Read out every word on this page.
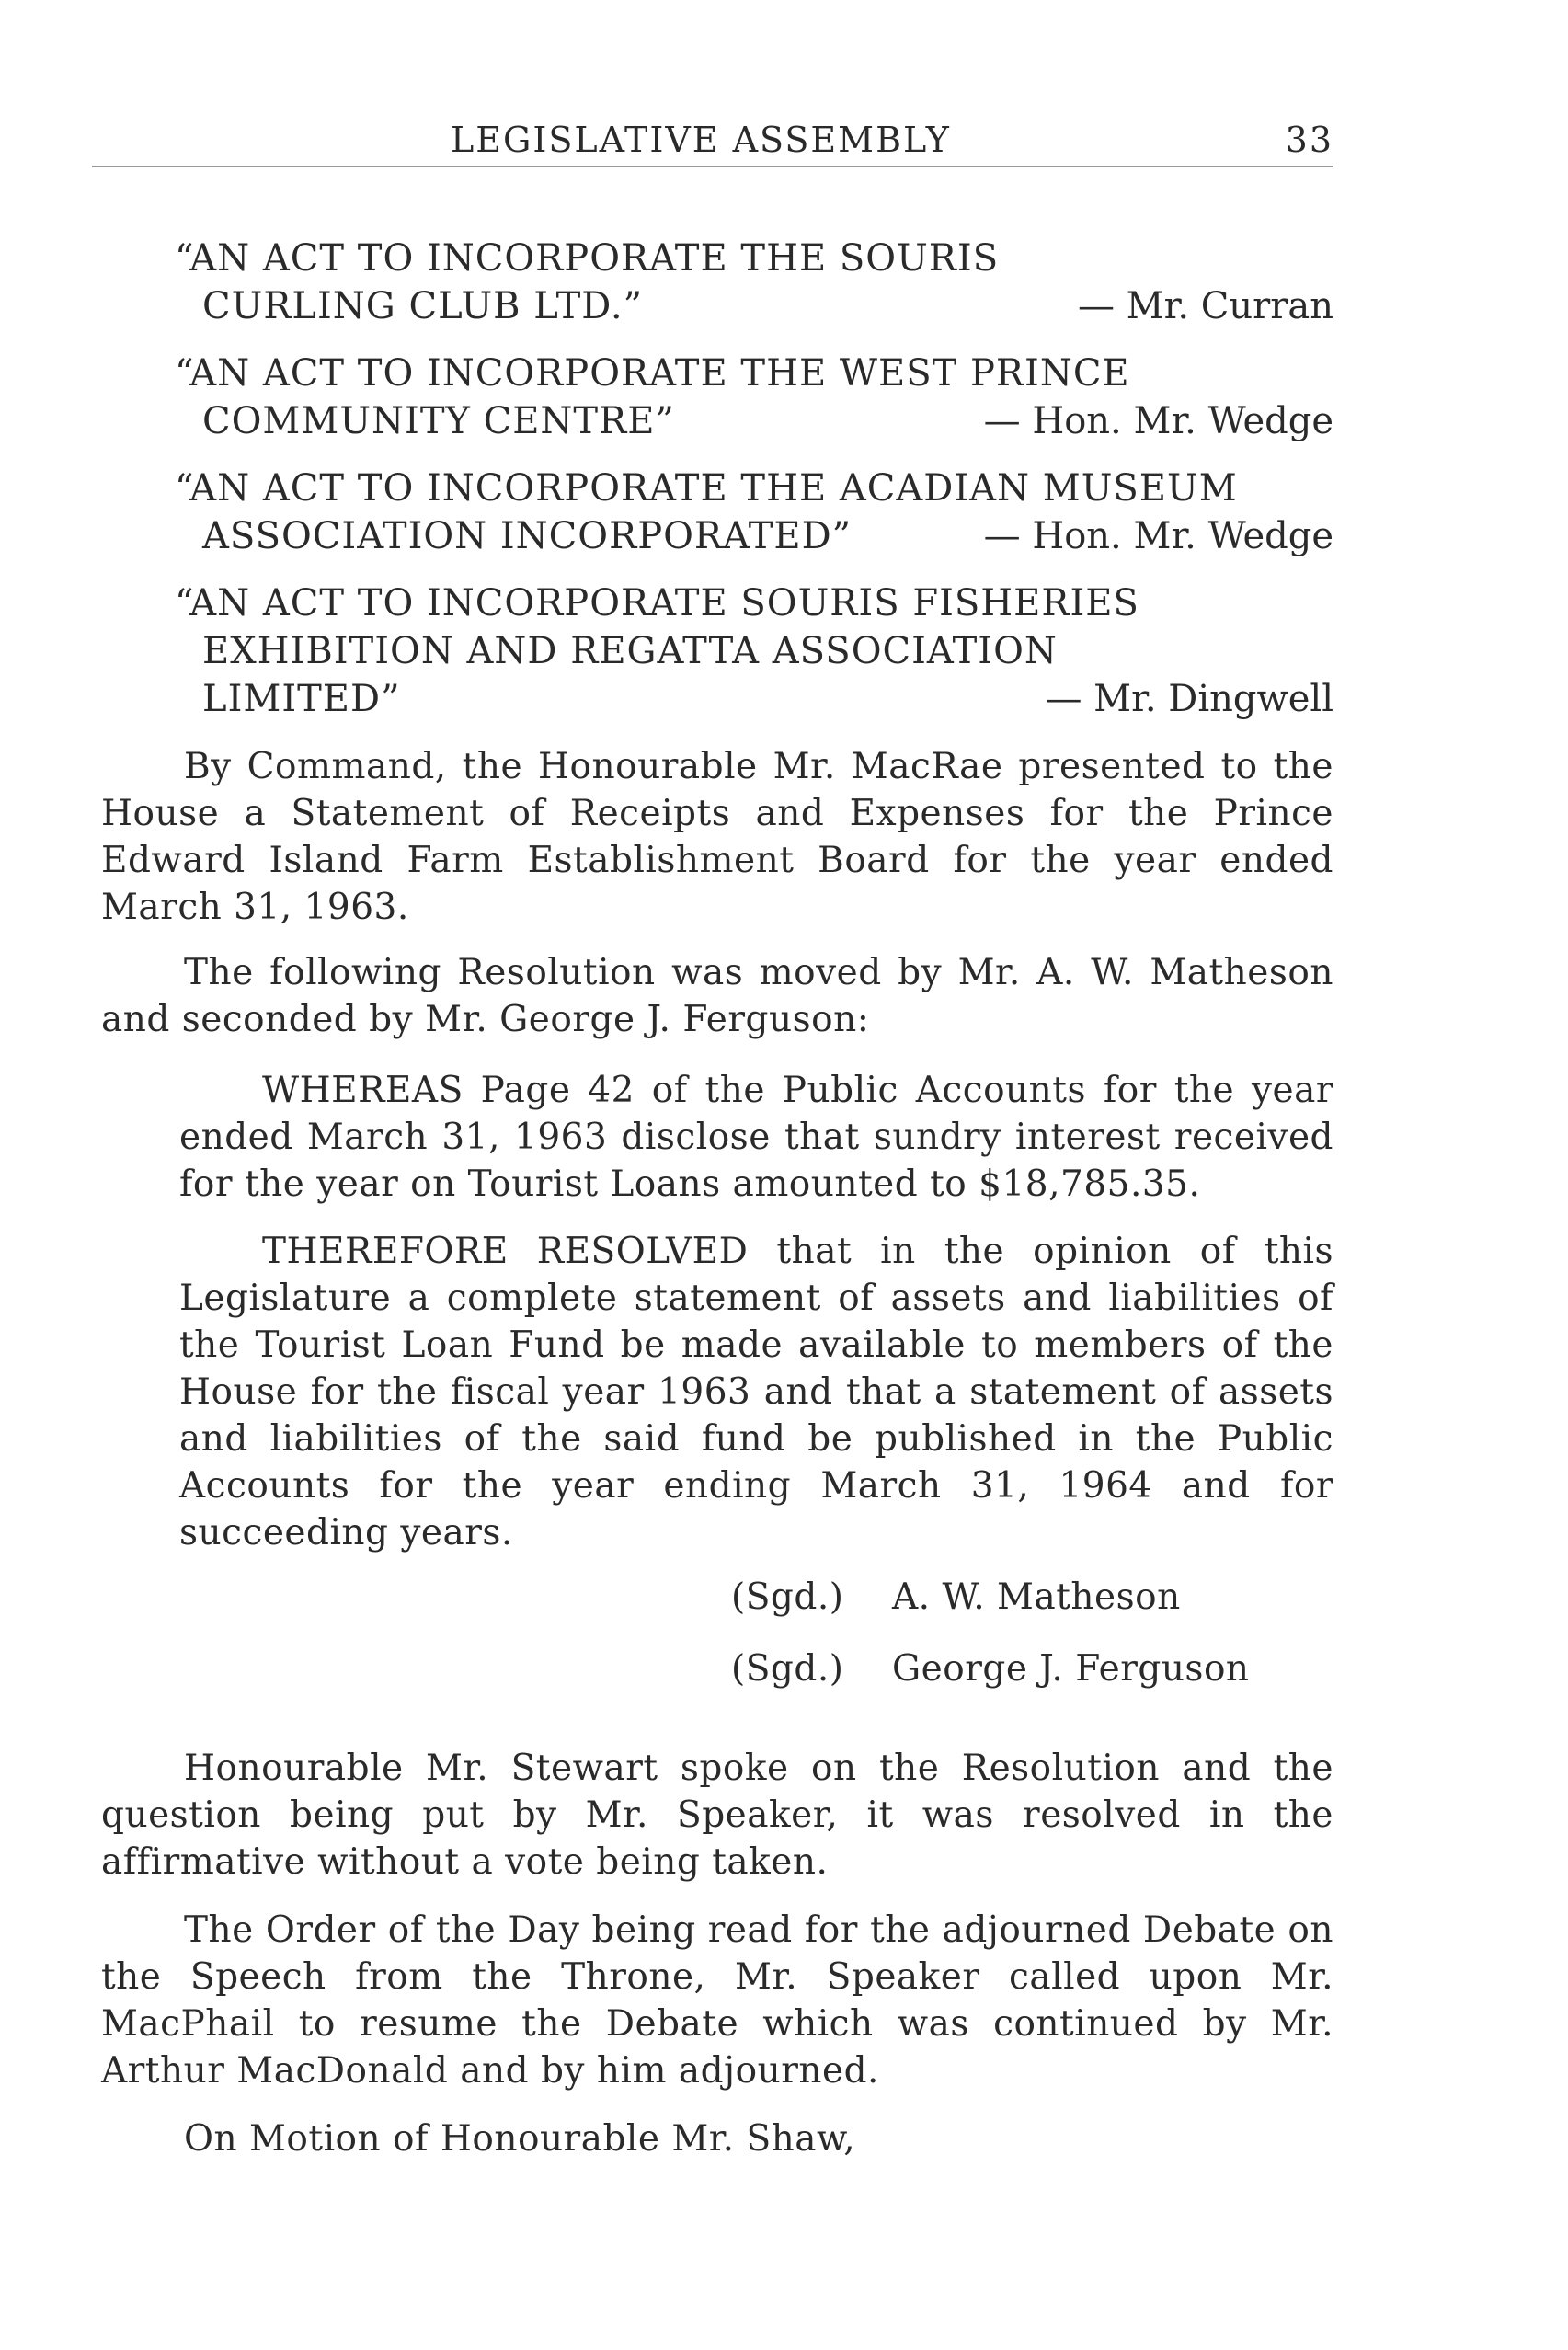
LEGISLATIVE ASSEMBLY	33
“AN ACT TO INCORPORATE THE SOURIS
CURLING CLUB LTD.”	— Mr. Curran
“AN ACT TO INCORPORATE THE WEST PRINCE
COMMUNITY CENTRE”	— Hon. Mr. Wedge
“AN ACT TO INCORPORATE THE ACADIAN MUSEUM
ASSOCIATION INCORPORATED”	— Hon. Mr. Wedge
“AN ACT TO INCORPORATE SOURIS FISHERIES
EXHIBITION AND REGATTA ASSOCIATION
LIMITED”	— Mr. Dingwell
By Command, the Honourable Mr. MacRae presented to the House a Statement of Receipts and Expenses for the Prince Edward Island Farm Establishment Board for the year ended March 31, 1963.
The following Resolution was moved by Mr. A. W. Matheson and seconded by Mr. George J. Ferguson:
WHEREAS Page 42 of the Public Accounts for the year ended March 31, 1963 disclose that sundry interest received for the year on Tourist Loans amounted to $18,785.35.
THEREFORE RESOLVED that in the opinion of this Legislature a complete statement of assets and liabilities of the Tourist Loan Fund be made available to members of the House for the fiscal year 1963 and that a statement of assets and liabilities of the said fund be published in the Public Accounts for the year ending March 31, 1964 and for succeeding years.
(Sgd.) A. W. Matheson
(Sgd.) George J. Ferguson
Honourable Mr. Stewart spoke on the Resolution and the question being put by Mr. Speaker, it was resolved in the affirmative without a vote being taken.
The Order of the Day being read for the adjourned Debate on the Speech from the Throne, Mr. Speaker called upon Mr. MacPhail to resume the Debate which was continued by Mr. Arthur MacDonald and by him adjourned.
On Motion of Honourable Mr. Shaw,
